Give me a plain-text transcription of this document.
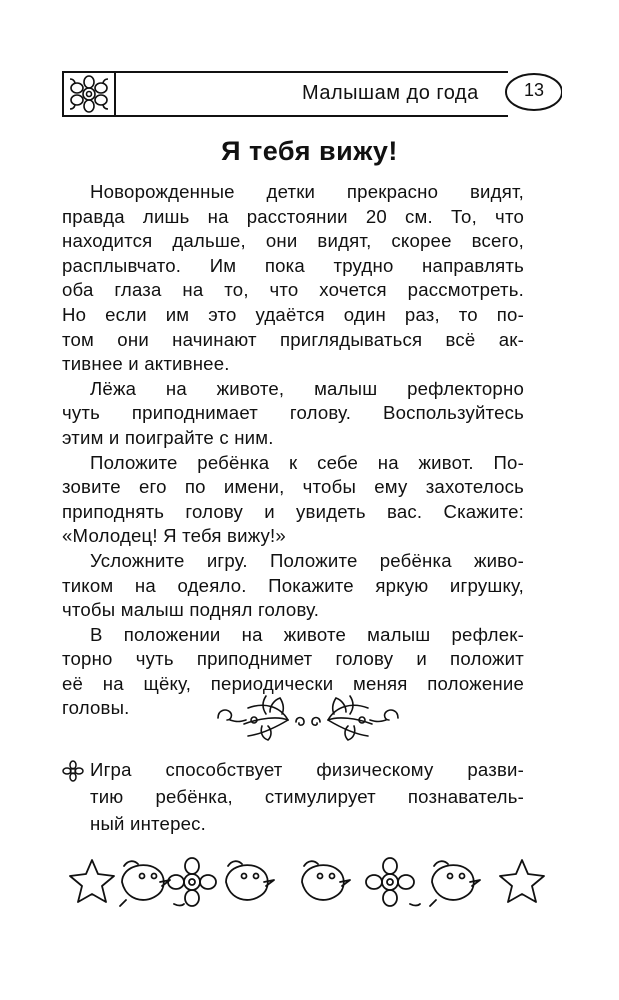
Малышам до года	13
Я тебя вижу!
Новорожденные детки прекрасно видят,
правда лишь на расстоянии 20 см. То, что
находится дальше, они видят, скорее всего,
расплывчато. Им пока трудно направлять
оба глаза на то, что хочется рассмотреть.
Но если им это удаётся один раз, то по-
том они начинают приглядываться всё ак-
тивнее и активнее.
Лёжа на животе, малыш рефлекторно
чуть приподнимает голову. Воспользуйтесь
этим и поиграйте с ним.
Положите ребёнка к себе на живот. По-
зовите его по имени, чтобы ему захотелось
приподнять голову и увидеть вас. Скажите:
«Молодец! Я тебя вижу!»
Усложните игру. Положите ребёнка живо-
тиком на одеяло. Покажите яркую игрушку,
чтобы малыш поднял голову.
В положении на животе малыш рефлек-
торно чуть приподнимет голову и положит
её на щёку, периодически меняя положение
головы.
Игра способствует физическому разви-
тию ребёнка, стимулирует познаватель-
ный интерес.
